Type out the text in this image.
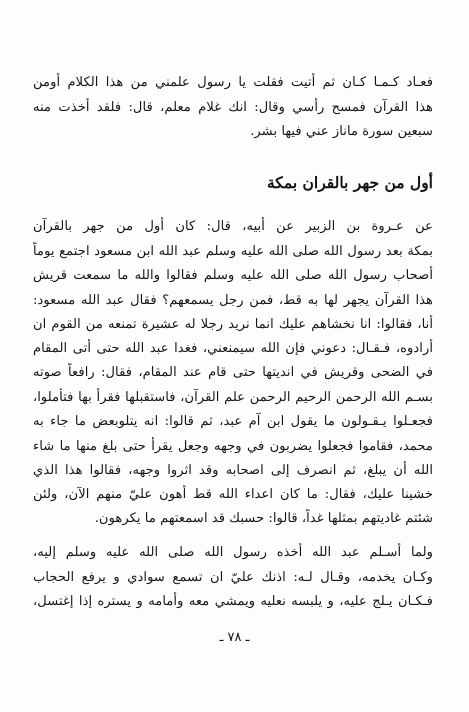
فعـاد كـمـا كـان ثم أتيت فقلت يا رسول علمني من هذا الكلام أومن
هذا القرآن فمسح رأسي وقال: انك غلام معلم، قال: فلقد أخذت منه
سبعين سورة ماناز عني فيها بشر.
أول من جهر بالقران بمكة
عن عـروة بن الزبير عن أبيه، قال: كان أول من جهر بالقرآن
بمكة بعد رسول الله صلى الله عليه وسلم عبد الله ابن مسعود اجتمع يوماً
أصحاب رسول الله صلى الله عليه وسلم فقالوا والله ما سمعت قريش
هذا القرآن يجهر لها به قط، فمن رجل يسمعهم؟ فقال عبد الله مسعود:
أنا، فقالوا: انا نخشاهم عليك انما نريد رجلا له عشيرة تمنعه من القوم ان
أرادوه، فـقـال: دعوني فإن الله سيمنعني، فغدا عبد الله حتى أتى المقام
في الضحى وقريش في انديتها حتى قام عند المقام، فقال: رافعاً صوته
بسـم الله الرحمن الرحيم الرحمن علم القرآن، فاستقبلها فقرأ بها فتأملوا،
فجعـلوا يـقـولون ما يقول ابن آم عبد، ثم قالوا: انه يتلوبعض ما جاء به
محمد، فقاموا فجعلوا يضربون في وجهه وجعل يقرأ حتى بلغ منها ما شاء
الله أن يبلغ، ثم انصرف إلى اصحابه وقد اثروا وجهه، فقالوا هذا الذي
خشينا عليك، فقال: ما كان اعداء الله قط أهون عليّ منهم الآن، ولئن
شئتم غاديتهم بمثلها غداً، قالوا: حسبك قد اسمعتهم ما يكرهون.
ولما أسـلم عبد الله أخذه رسول الله صلى الله عليه وسلم إليه،
وكـان يخدمه، وقـال لـه: اذنك عليّ ان تسمع سوادي و يرفع الحجاب
فـكـان يـلج عليه، و يلبسه نعليه ويمشي معه وأمامه و يستره إذا إغتسل،
ـ ٧٨ ـ
